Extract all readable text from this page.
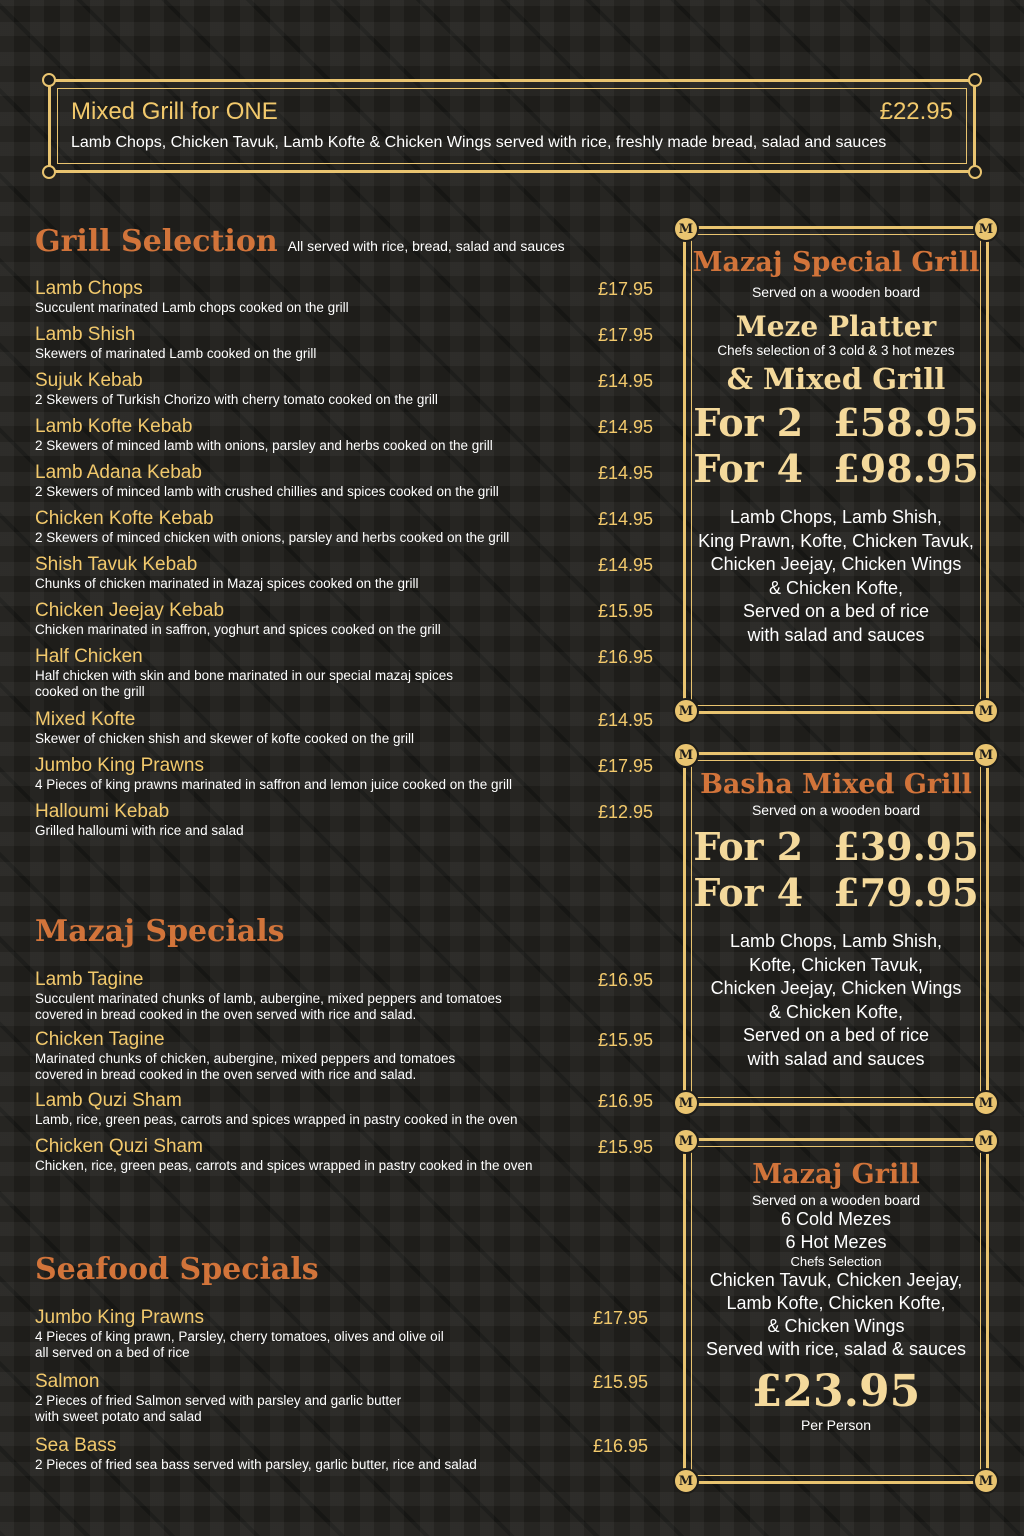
Mixed Grill for ONE	£22.95
Lamb Chops, Chicken Tavuk, Lamb Kofte & Chicken Wings served with rice, freshly made bread, salad and sauces
Grill Selection All served with rice, bread, salad and sauces
Lamb Chops	£17.95
Succulent marinated Lamb chops cooked on the grill
Lamb Shish	£17.95
Skewers of marinated Lamb cooked on the grill
Sujuk Kebab	£14.95
2 Skewers of Turkish Chorizo with cherry tomato cooked on the grill
Lamb Kofte Kebab	£14.95
2 Skewers of minced lamb with onions, parsley and herbs cooked on the grill
Lamb Adana Kebab	£14.95
2 Skewers of minced lamb with crushed chillies and spices cooked on the grill
Chicken Kofte Kebab	£14.95
2 Skewers of minced chicken with onions, parsley and herbs cooked on the grill
Shish Tavuk Kebab	£14.95
Chunks of chicken marinated in Mazaj spices cooked on the grill
Chicken Jeejay Kebab	£15.95
Chicken marinated in saffron, yoghurt and spices cooked on the grill
Half Chicken	£16.95
Half chicken with skin and bone marinated in our special mazaj spices
cooked on the grill
Mixed Kofte	£14.95
Skewer of chicken shish and skewer of kofte cooked on the grill
Jumbo King Prawns	£17.95
4 Pieces of king prawns marinated in saffron and lemon juice cooked on the grill
Halloumi Kebab	£12.95
Grilled halloumi with rice and salad
Mazaj Specials
Lamb Tagine	£16.95
Succulent marinated chunks of lamb, aubergine, mixed peppers and tomatoes
covered in bread cooked in the oven served with rice and salad.
Chicken Tagine	£15.95
Marinated chunks of chicken, aubergine, mixed peppers and tomatoes
covered in bread cooked in the oven served with rice and salad.
Lamb Quzi Sham	£16.95
Lamb, rice, green peas, carrots and spices wrapped in pastry cooked in the oven
Chicken Quzi Sham	£15.95
Chicken, rice, green peas, carrots and spices wrapped in pastry cooked in the oven
Seafood Specials
Jumbo King Prawns	£17.95
4 Pieces of king prawn, Parsley, cherry tomatoes, olives and olive oil
all served on a bed of rice
Salmon	£15.95
2 Pieces of fried Salmon served with parsley and garlic butter
with sweet potato and salad
Sea Bass	£16.95
2 Pieces of fried sea bass served with parsley, garlic butter, rice and salad
M	M
M	M
Mazaj Special Grill
Served on a wooden board
Meze Platter
Chefs selection of 3 cold & 3 hot mezes
& Mixed Grill
For 2 £58.95
For 4 £98.95
Lamb Chops, Lamb Shish,
King Prawn, Kofte, Chicken Tavuk,
Chicken Jeejay, Chicken Wings
& Chicken Kofte,
Served on a bed of rice
with salad and sauces
M	M
M	M
Basha Mixed Grill
Served on a wooden board
For 2 £39.95
For 4 £79.95
Lamb Chops, Lamb Shish,
Kofte, Chicken Tavuk,
Chicken Jeejay, Chicken Wings
& Chicken Kofte,
Served on a bed of rice
with salad and sauces
M	M
M	M
Mazaj Grill
Served on a wooden board
6 Cold Mezes
6 Hot Mezes
Chefs Selection
Chicken Tavuk, Chicken Jeejay,
Lamb Kofte, Chicken Kofte,
& Chicken Wings
Served with rice, salad & sauces
£23.95
Per Person
